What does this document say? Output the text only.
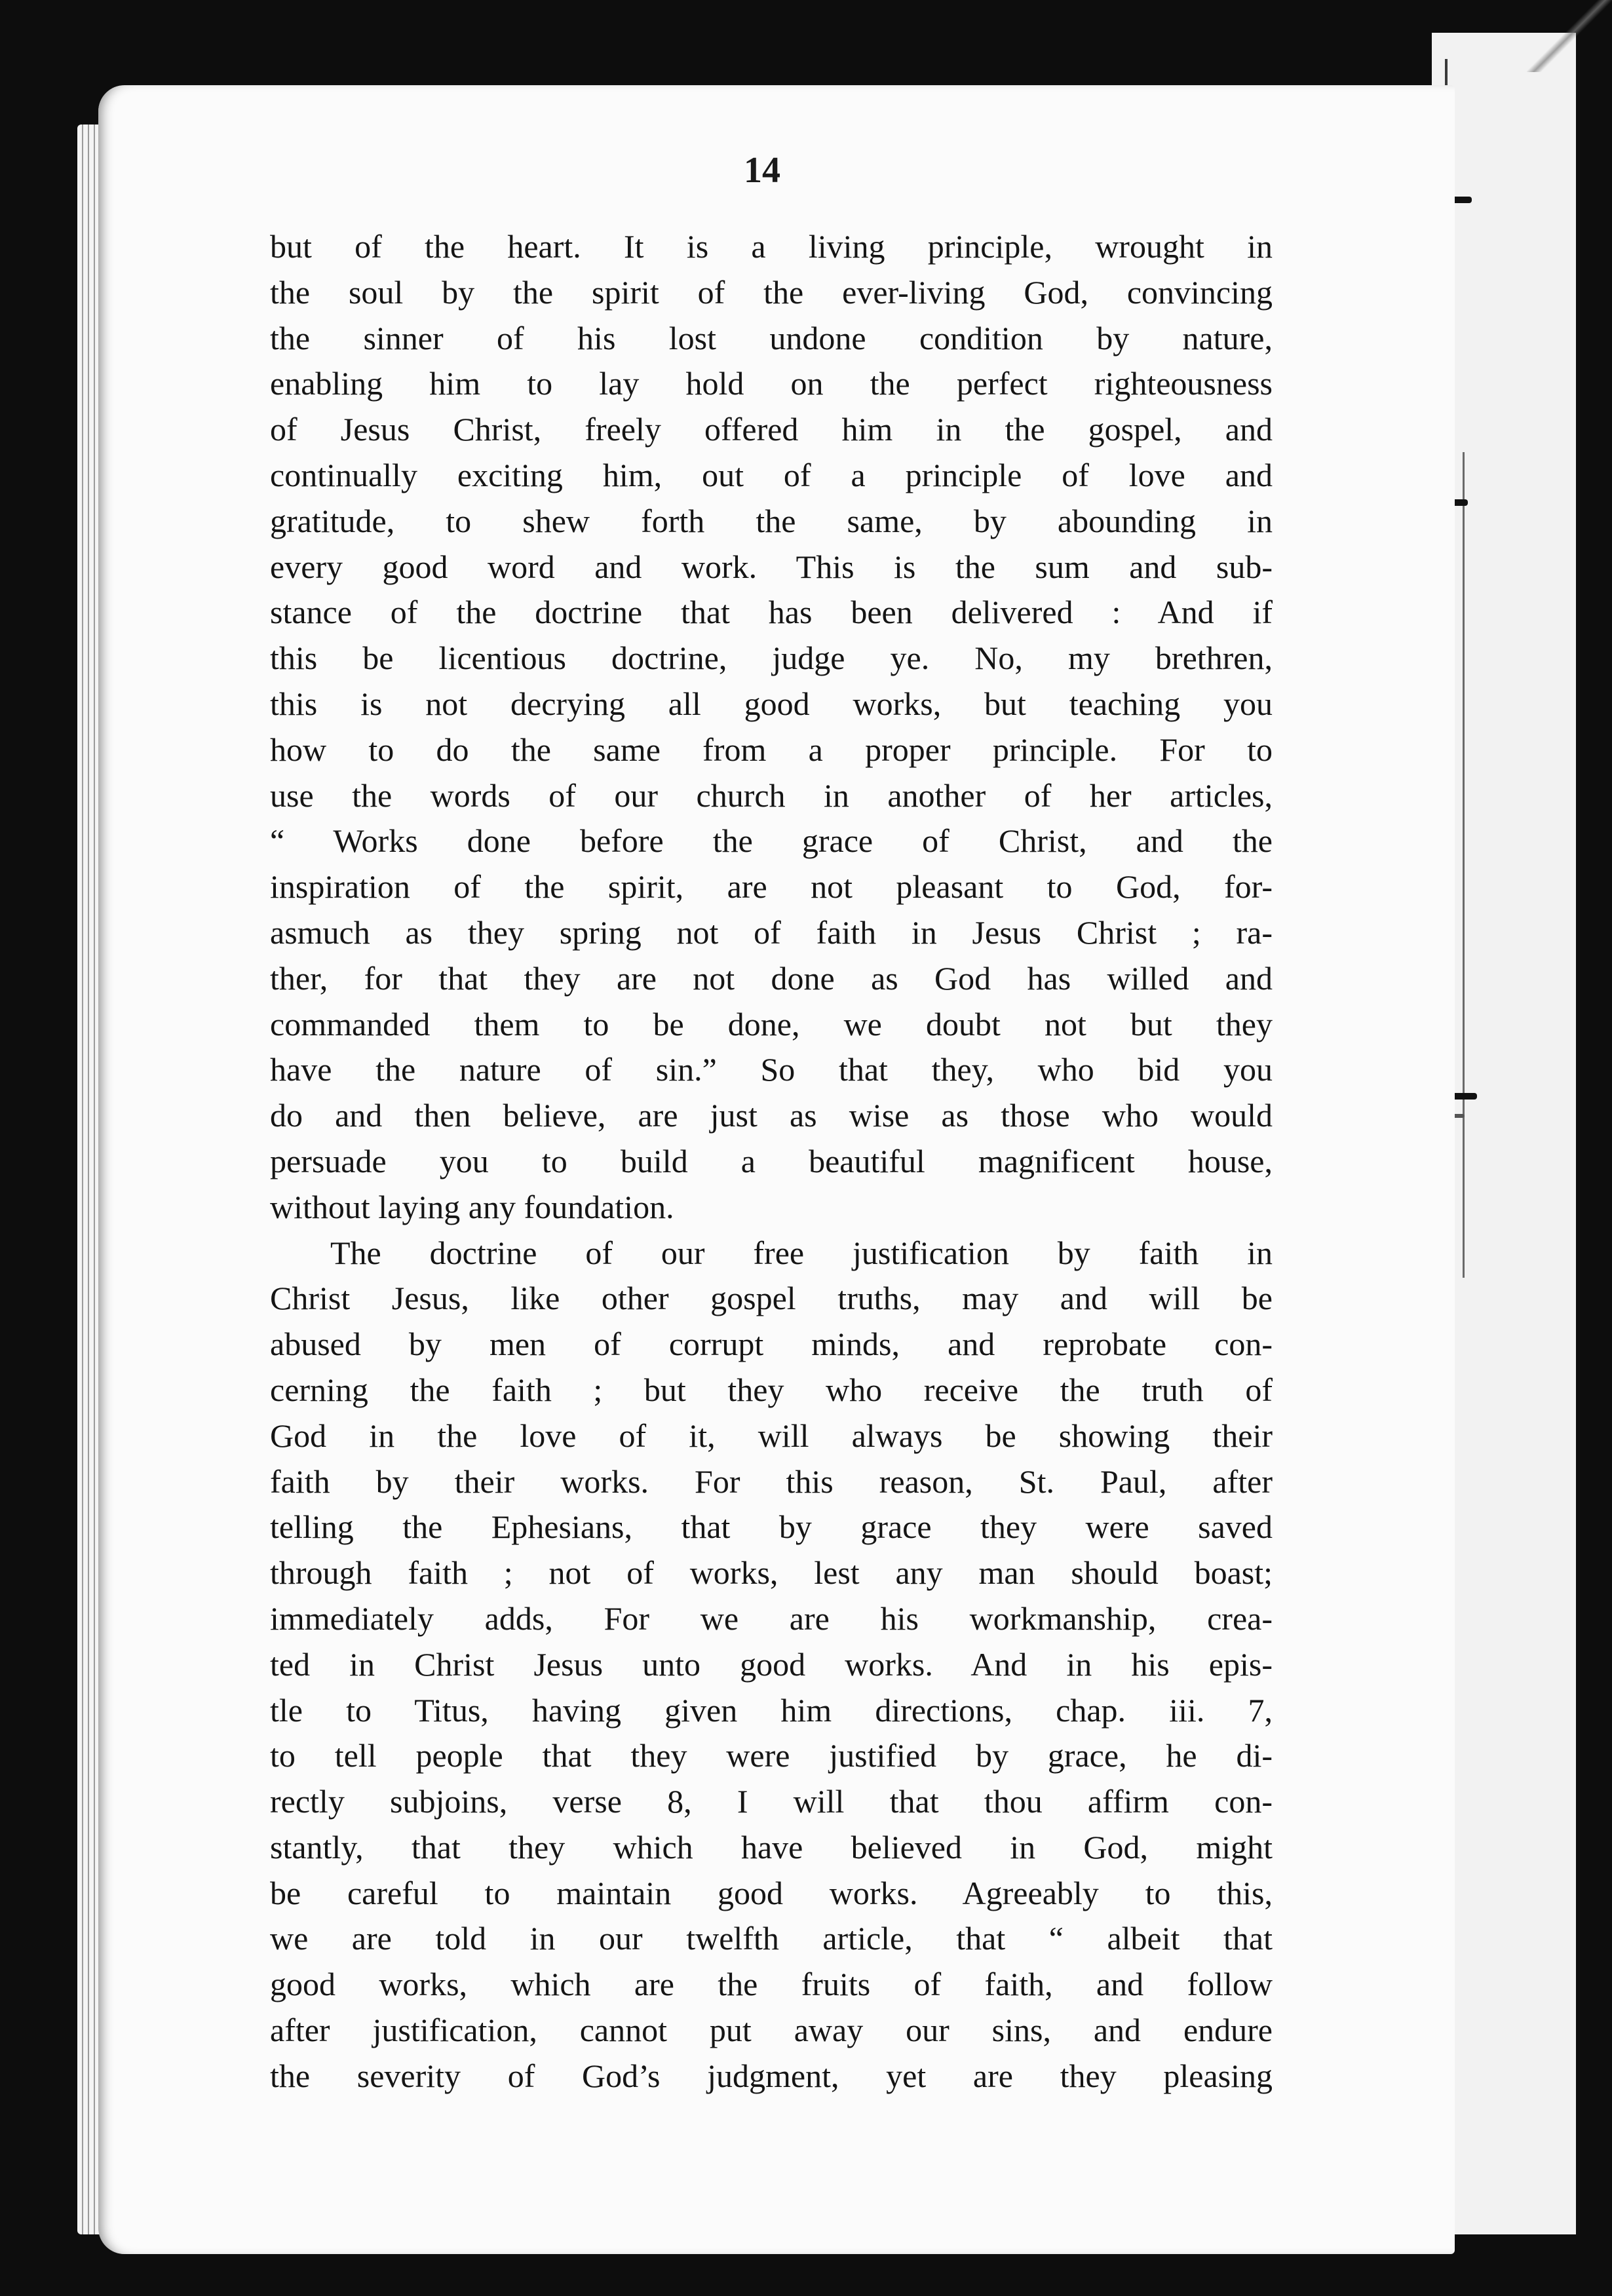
14
but of the heart. It is a living principle, wrought in
the soul by the spirit of the ever-living God, convincing
the sinner of his lost undone condition by nature,
enabling him to lay hold on the perfect righteousness
of Jesus Christ, freely offered him in the gospel, and
continually exciting him, out of a principle of love and
gratitude, to shew forth the same, by abounding in
every good word and work. This is the sum and sub-
stance of the doctrine that has been delivered : And if
this be licentious doctrine, judge ye. No, my brethren,
this is not decrying all good works, but teaching you
how to do the same from a proper principle. For to
use the words of our church in another of her articles,
“ Works done before the grace of Christ, and the
inspiration of the spirit, are not pleasant to God, for-
asmuch as they spring not of faith in Jesus Christ ; ra-
ther, for that they are not done as God has willed and
commanded them to be done, we doubt not but they
have the nature of sin.” So that they, who bid you
do and then believe, are just as wise as those who would
persuade you to build a beautiful magnificent house,
without laying any foundation.
The doctrine of our free justification by faith in
Christ Jesus, like other gospel truths, may and will be
abused by men of corrupt minds, and reprobate con-
cerning the faith ; but they who receive the truth of
God in the love of it, will always be showing their
faith by their works. For this reason, St. Paul, after
telling the Ephesians, that by grace they were saved
through faith ; not of works, lest any man should boast;
immediately adds, For we are his workmanship, crea-
ted in Christ Jesus unto good works. And in his epis-
tle to Titus, having given him directions, chap. iii. 7,
to tell people that they were justified by grace, he di-
rectly subjoins, verse 8, I will that thou affirm con-
stantly, that they which have believed in God, might
be careful to maintain good works. Agreeably to this,
we are told in our twelfth article, that “ albeit that
good works, which are the fruits of faith, and follow
after justification, cannot put away our sins, and endure
the severity of God’s judgment, yet are they pleasing
